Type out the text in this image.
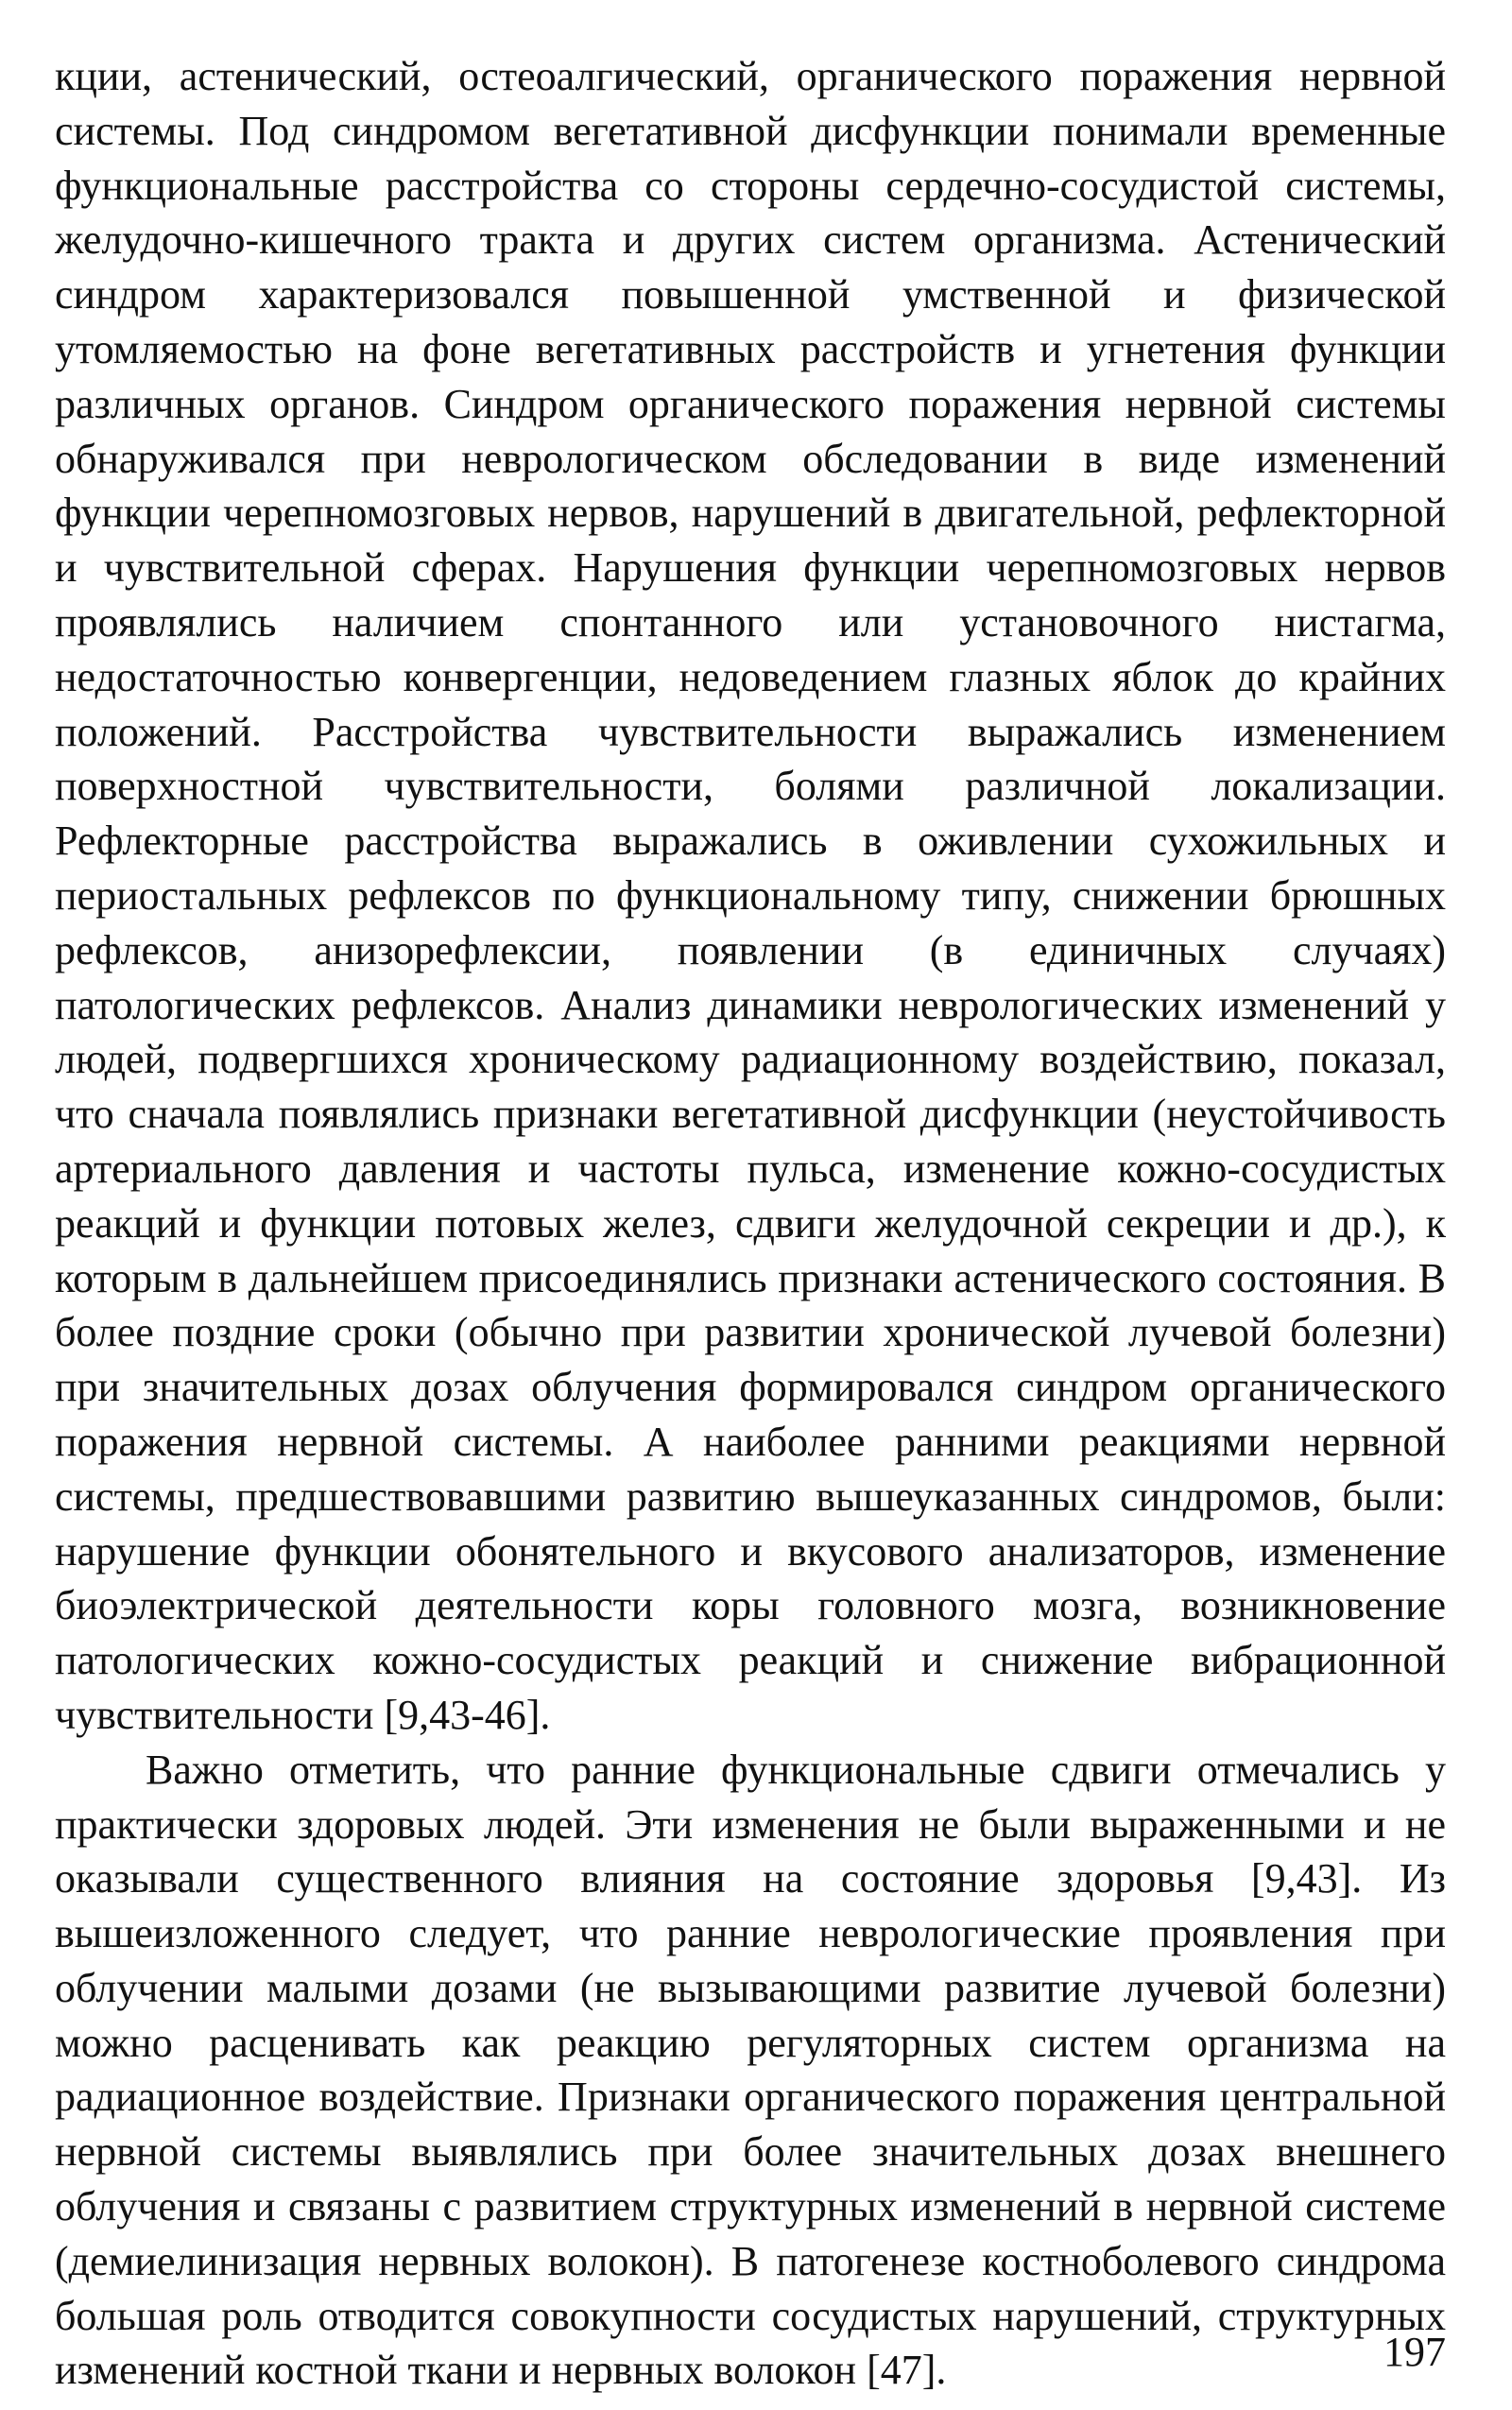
кции, астенический, остеоалгический, органического поражения нервной системы. Под синдромом вегетативной дисфункции понимали временные функциональные расстройства со стороны сердечно-сосудистой системы, желудочно-кишечного тракта и других систем организма. Астенический синдром характеризовался повышенной умственной и физической утомляемостью на фоне вегетативных расстройств и угнетения функции различных органов. Синдром органического поражения нервной системы обнаруживался при неврологическом обследовании в виде изменений функции черепномозговых нервов, нарушений в двигательной, рефлекторной и чувствительной сферах. Нарушения функции черепномозговых нервов проявлялись наличием спонтанного или установочного нистагма, недостаточностью конвергенции, недоведением глазных яблок до крайних положений. Расстройства чувствительности выражались изменением поверхностной чувствительности, болями различной локализации. Рефлекторные расстройства выражались в оживлении сухожильных и периостальных рефлексов по функциональному типу, снижении брюшных рефлексов, анизорефлексии, появлении (в единичных случаях) патологических рефлексов. Анализ динамики неврологических изменений у людей, подвергшихся хроническому радиационному воздействию, показал, что сначала появлялись признаки вегетативной дисфункции (неустойчивость артериального давления и частоты пульса, изменение кожно-сосудистых реакций и функции потовых желез, сдвиги желудочной секреции и др.), к которым в дальнейшем присоединялись признаки астенического состояния. В более поздние сроки (обычно при развитии хронической лучевой болезни) при значительных дозах облучения формировался синдром органического поражения нервной системы. А наиболее ранними реакциями нервной системы, предшествовавшими развитию вышеуказанных синдромов, были: нарушение функции обонятельного и вкусового анализаторов, изменение биоэлектрической деятельности коры головного мозга, возникновение патологических кожно-сосудистых реакций и снижение вибрационной чувствительности [9,43-46].

Важно отметить, что ранние функциональные сдвиги отмечались у практически здоровых людей. Эти изменения не были выраженными и не оказывали существенного влияния на состояние здоровья [9,43]. Из вышеизложенного следует, что ранние неврологические проявления при облучении малыми дозами (не вызывающими развитие лучевой болезни) можно расценивать как реакцию регуляторных систем организма на радиационное воздействие. Признаки органического поражения центральной нервной системы выявлялись при более значительных дозах внешнего облучения и связаны с развитием структурных изменений в нервной системе (демиелинизация нервных волокон). В патогенезе костноболевого синдрома большая роль отводится совокупности сосудистых нарушений, структурных изменений костной ткани и нервных волокон [47].	197
